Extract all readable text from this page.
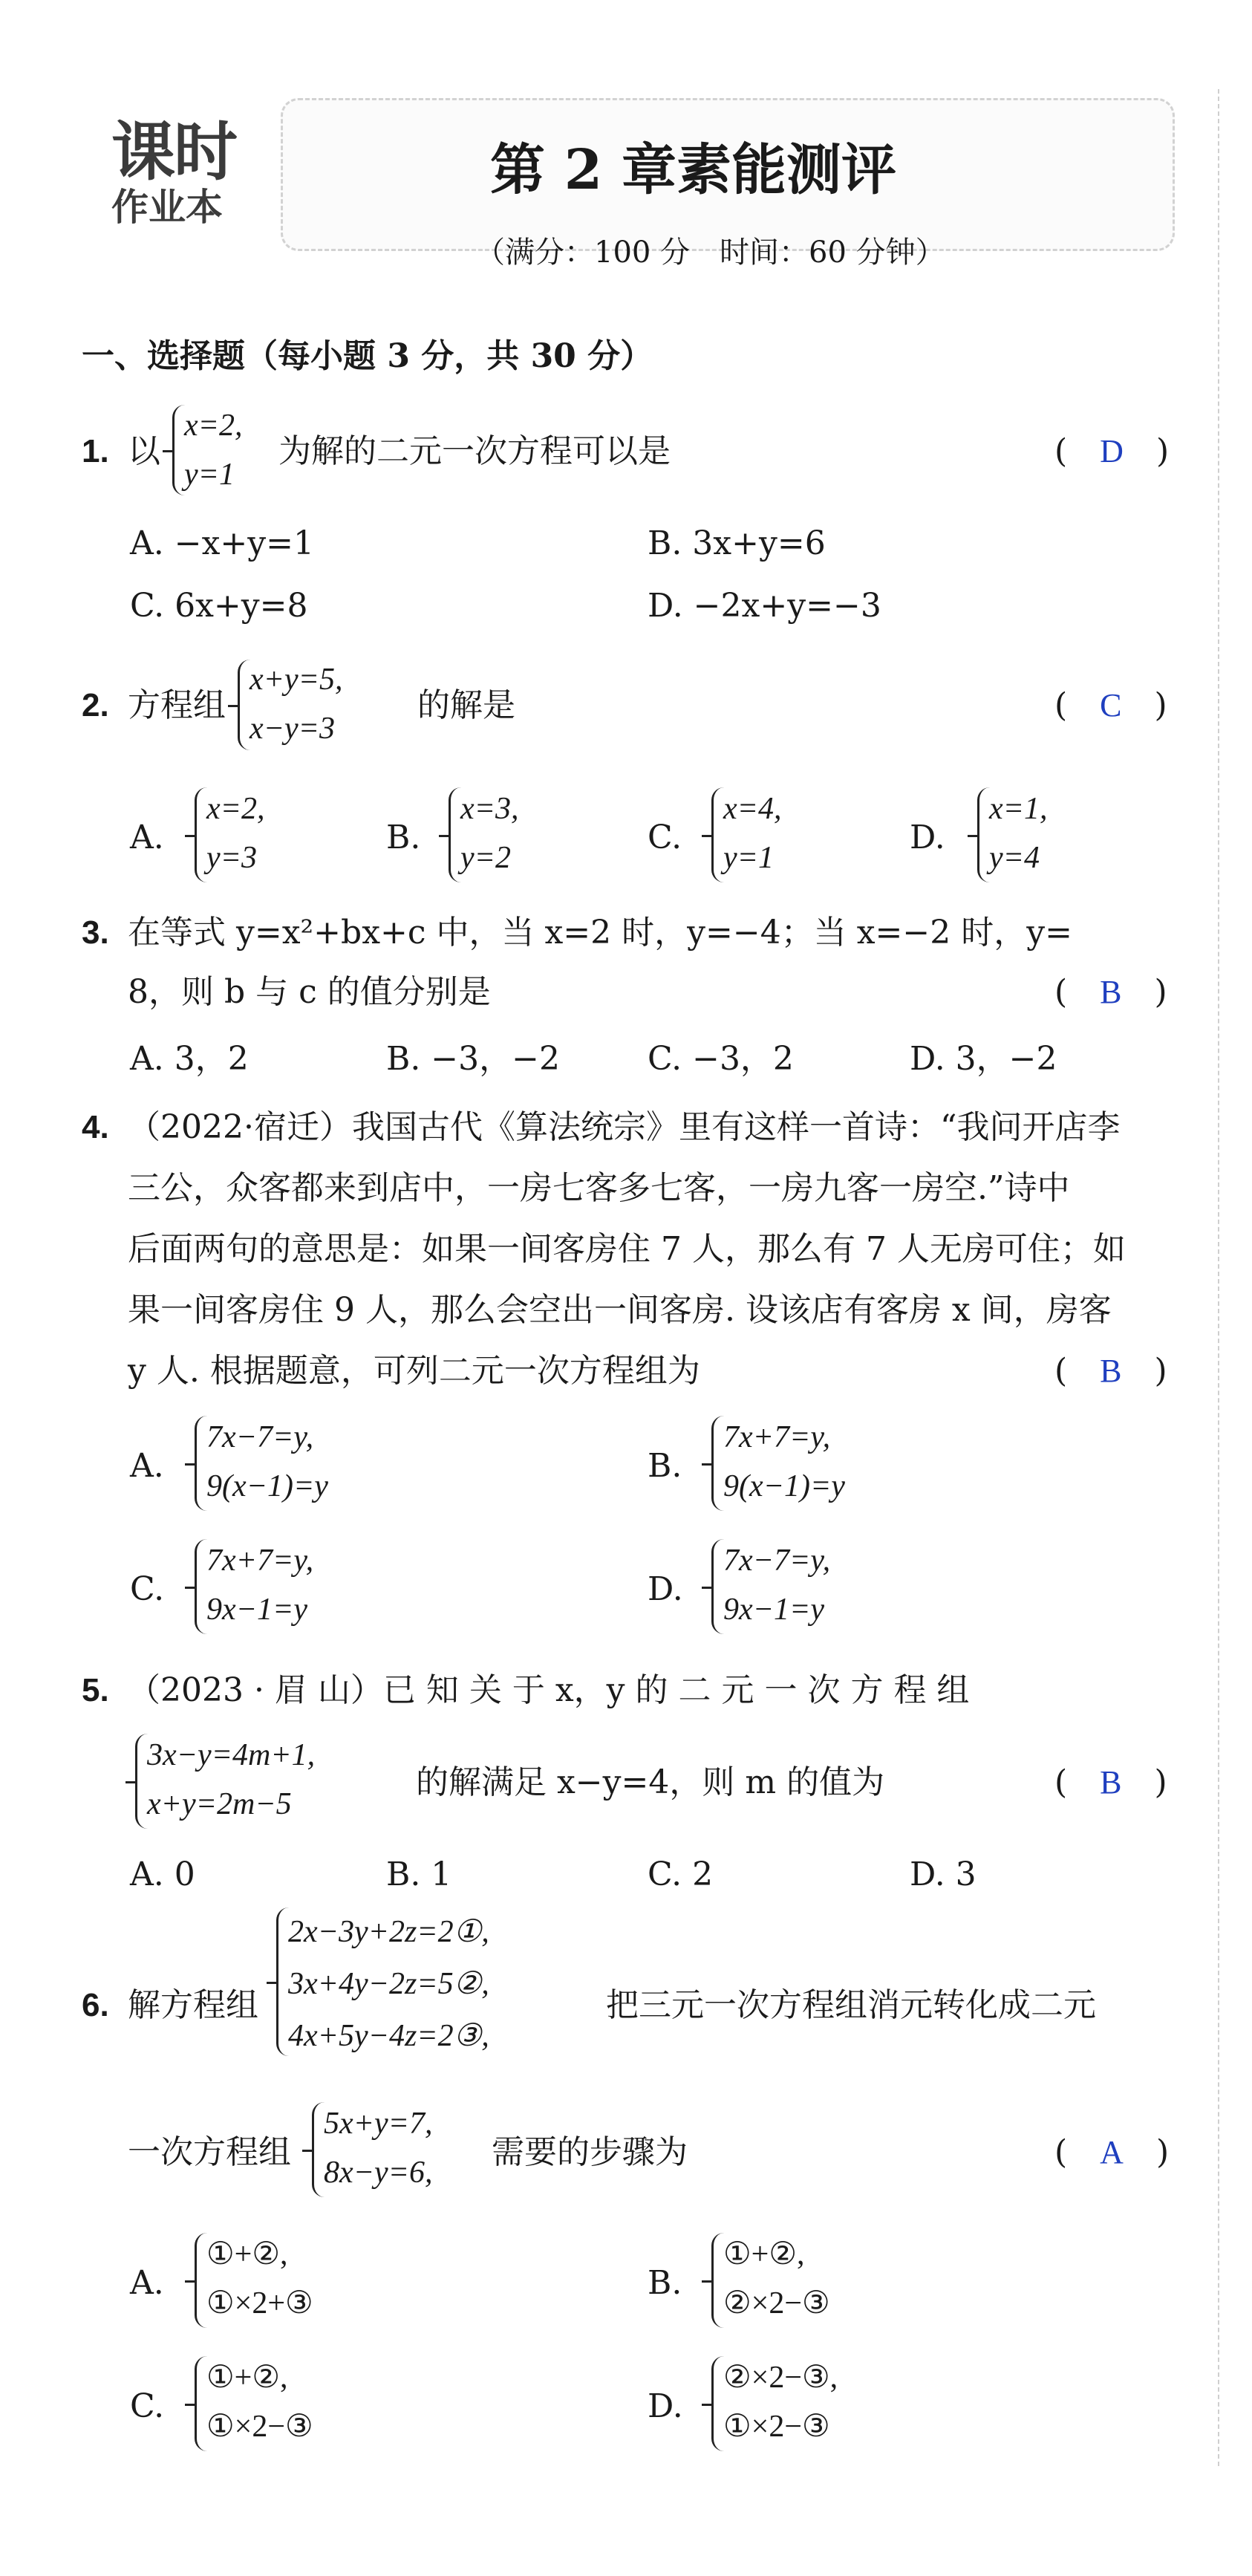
课时
作业本
第 2 章素能测评
（满分：100 分　时间：60 分钟）
一、选择题（每小题 3 分，共 30 分）
1. 以
x=2,
y=1
为解的二元一次方程可以是	(　D　)
A. −x+y=1	B. 3x+y=6
C. 6x+y=8	D. −2x+y=−3
2. 方程组
x+y=5,
x−y=3
的解是	(　C　)
A.
x=2,
y=3
B.
x=3,
y=2
C.
x=4,
y=1
D.
x=1,
y=4
3. 在等式 y=x²+bx+c 中，当 x=2 时，y=−4；当 x=−2 时，y=
8，则 b 与 c 的值分别是	(　B　)
A. 3，2	B. −3，−2	C. −3，2	D. 3，−2
4. （2022·宿迁）我国古代《算法统宗》里有这样一首诗：“我问开店李
三公，众客都来到店中，一房七客多七客，一房九客一房空.”诗中
后面两句的意思是：如果一间客房住 7 人，那么有 7 人无房可住；如
果一间客房住 9 人，那么会空出一间客房. 设该店有客房 x 间，房客
y 人. 根据题意，可列二元一次方程组为	(　B　)
A.
7x−7=y,
9(x−1)=y
B.
7x+7=y,
9(x−1)=y
C.
7x+7=y,
9x−1=y
D.
7x−7=y,
9x−1=y
5. （2023 · 眉 山）已 知 关 于 x，y 的 二 元 一 次 方 程 组
3x−y=4m+1,
x+y=2m−5
的解满足 x−y=4，则 m 的值为	(　B　)
A. 0	B. 1	C. 2	D. 3
6. 解方程组
2x−3y+2z=2①,
3x+4y−2z=5②,
4x+5y−4z=2③,
把三元一次方程组消元转化成二元
一次方程组
5x+y=7,
8x−y=6,
需要的步骤为	(　A　)
A.
①+②,
①×2+③
B.
①+②,
②×2−③
C.
①+②,
①×2−③
D.
②×2−③,
①×2−③
